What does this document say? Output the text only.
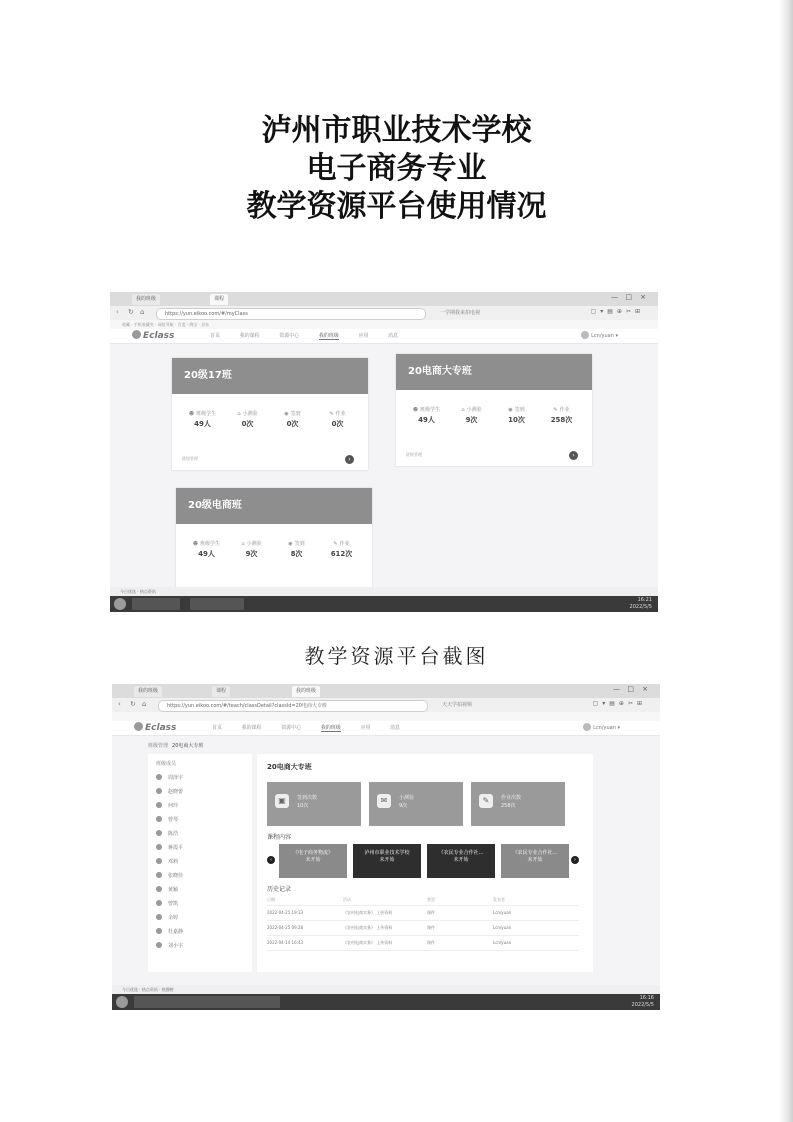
泸州市职业技术学校
电子商务专业
教学资源平台使用情况
我的班级	课程	— □ ×
‹ ↻ ⌂	https://yun.eikoo.com/#/myClass	一学期我来拍电视	▢▾▤⊕✂⊞
收藏 · 手机收藏夹 · 网址导航 · 百度 · 淘宝 · 京东
Eclass	首页	我的课程	资源中心	我的班级	应用	消息	Lcn/yuan ▾
20级17班
☻ 班级学生
49人
⌂ 小测验
0次
◉ 签到
0次
✎ 作业
0次
班级管理	›
20电商大专班
☻ 班级学生
49人
⌂ 小测验
9次
◉ 签到
10次
✎ 作业
258次
班级管理	›
20级电商班
☻ 班级学生
49人
⌂ 小测验
9次
◉ 签到
8次
✎ 作业
612次
今日优选 · 热点资讯
16:21
2022/5/5
教学资源平台截图
我的班级	课程	我的班级	— □ ×
‹ ↻ ⌂	https://yun.eikoo.com/#/teach/classDetail?classId=20电商大专班	天天学拍视频	▢▾▤⊕✂⊞
Eclass	首页	我的课程	资源中心	我的班级	应用	消息	Lcn/yuan ▾
班级管理 20电商大专班
班级成员
周泽宇
赵晓蕾
何玲
曾琴
陈浩
蒋霞平
邓莉
张晓佳
黄颖
曾凯
余婷
杜嘉静
刘小宇
20电商大专班
▣	签到次数
10次
✉	小测验
9次
✎	作业次数
258次
课程内容
‹
《电子商务物流》
未开始
泸州市职业技术学校
未开始
《农民专业合作社...
未开始
《农民专业合作社...
未开始	›
历史记录
日期	活动	类型	发布者
2022-04-25 19:33	《农村电商实务》 上传资料	课件	Lcn/yuan
2022-04-25 09:28	《农村电商实务》 上传资料	课件	Lcn/yuan
2022-04-14 16:43	《农村电商实务》 上传资料	课件	Lcn/yuan
今日优选 · 热点资讯 · 热搜榜
16:16
2022/5/5
